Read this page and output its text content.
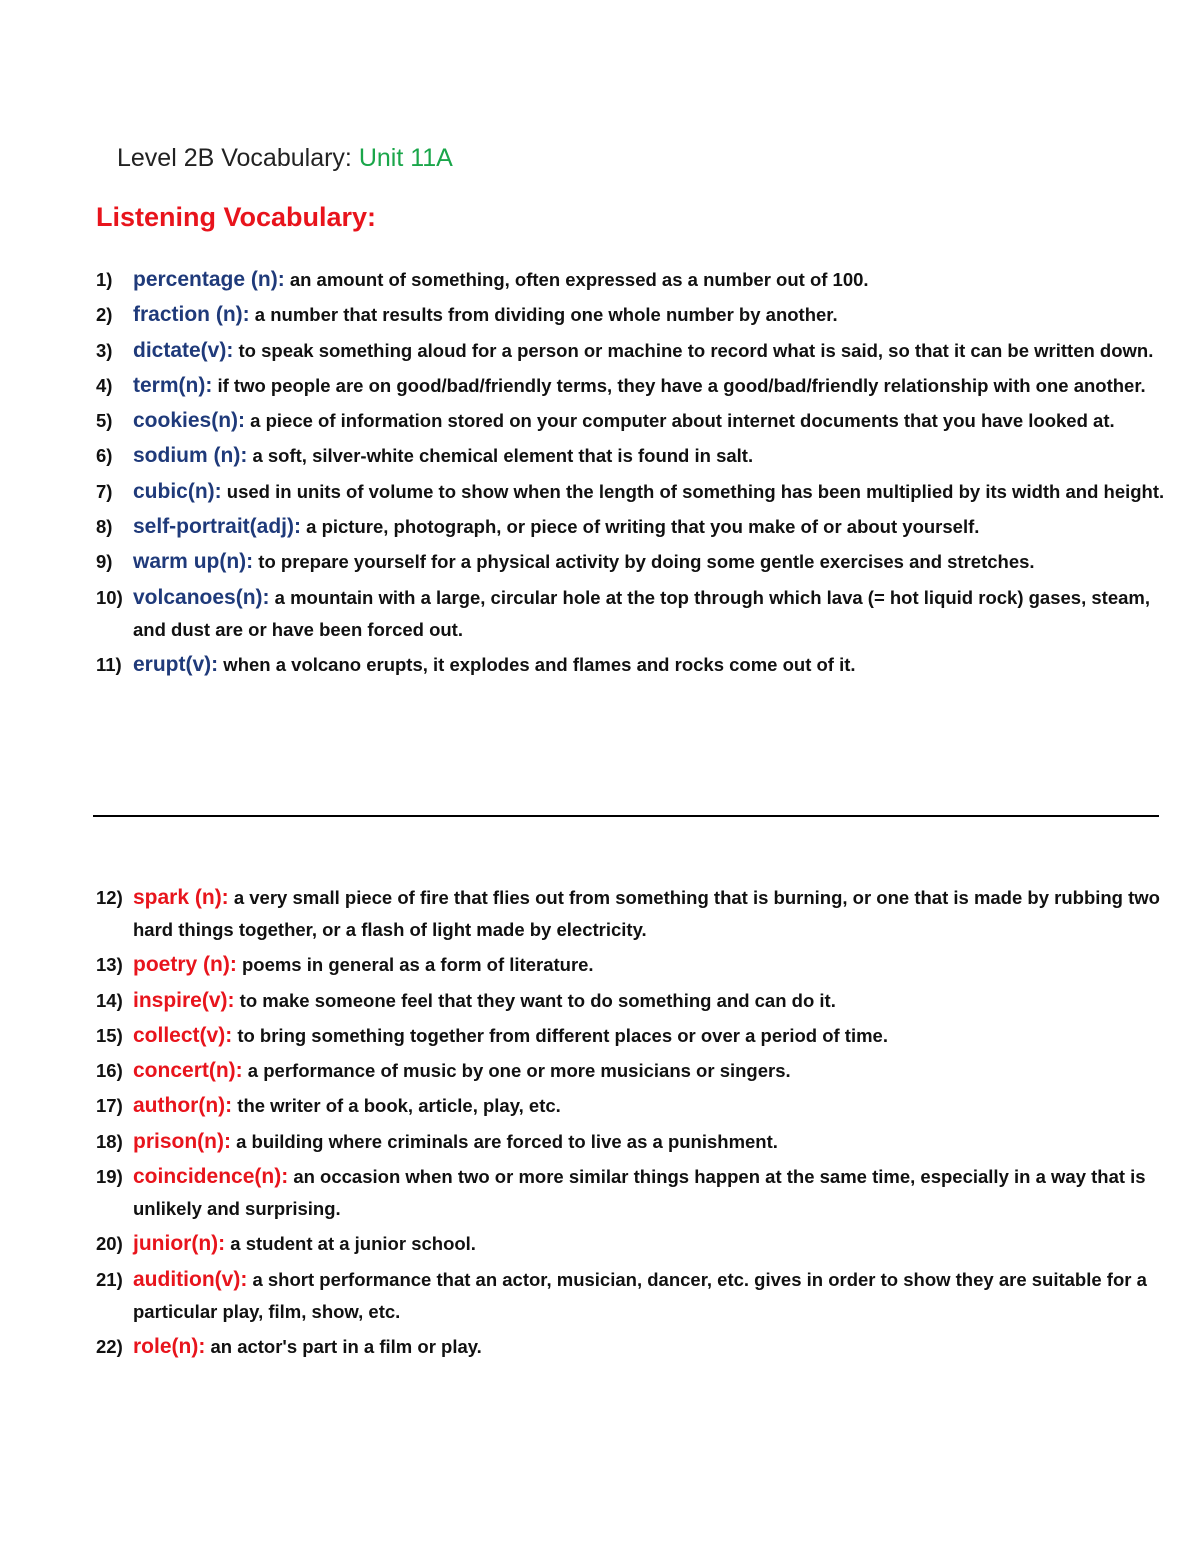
Level 2B Vocabulary: Unit 11A
Listening Vocabulary:
1) percentage (n): an amount of something, often expressed as a number out of 100.
2) fraction (n): a number that results from dividing one whole number by another.
3) dictate(v): to speak something aloud for a person or machine to record what is said, so that it can be written down.
4) term(n): if two people are on good/bad/friendly terms, they have a good/bad/friendly relationship with one another.
5) cookies(n): a piece of information stored on your computer about internet documents that you have looked at.
6) sodium (n): a soft, silver-white chemical element that is found in salt.
7) cubic(n): used in units of volume to show when the length of something has been multiplied by its width and height.
8) self-portrait(adj): a picture, photograph, or piece of writing that you make of or about yourself.
9) warm up(n): to prepare yourself for a physical activity by doing some gentle exercises and stretches.
10) volcanoes(n): a mountain with a large, circular hole at the top through which lava (= hot liquid rock) gases, steam, and dust are or have been forced out.
11) erupt(v): when a volcano erupts, it explodes and flames and rocks come out of it.
12) spark (n): a very small piece of fire that flies out from something that is burning, or one that is made by rubbing two hard things together, or a flash of light made by electricity.
13) poetry (n): poems in general as a form of literature.
14) inspire(v): to make someone feel that they want to do something and can do it.
15) collect(v): to bring something together from different places or over a period of time.
16) concert(n): a performance of music by one or more musicians or singers.
17) author(n): the writer of a book, article, play, etc.
18) prison(n): a building where criminals are forced to live as a punishment.
19) coincidence(n): an occasion when two or more similar things happen at the same time, especially in a way that is unlikely and surprising.
20) junior(n): a student at a junior school.
21) audition(v): a short performance that an actor, musician, dancer, etc. gives in order to show they are suitable for a particular play, film, show, etc.
22) role(n): an actor's part in a film or play.
